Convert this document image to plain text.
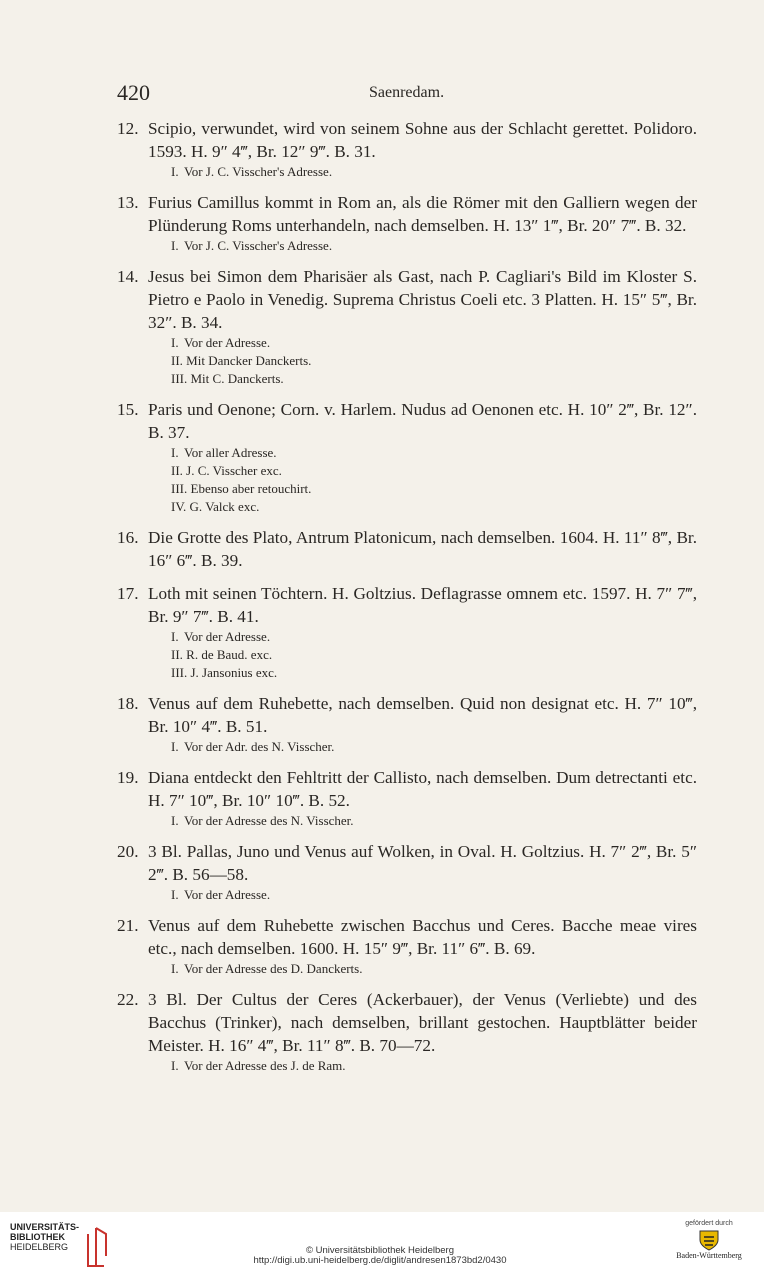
420	Saenredam.
12. Scipio, verwundet, wird von seinem Sohne aus der Schlacht gerettet. Polidoro. 1593. H. 9″ 4‴, Br. 12″ 9‴. B. 31.
I. Vor J. C. Visscher's Adresse.
13. Furius Camillus kommt in Rom an, als die Römer mit den Galliern wegen der Plünderung Roms unterhandeln, nach demselben. H. 13″ 1‴, Br. 20″ 7‴. B. 32.
I. Vor J. C. Visscher's Adresse.
14. Jesus bei Simon dem Pharisäer als Gast, nach P. Cagliari's Bild im Kloster S. Pietro e Paolo in Venedig. Suprema Christus Coeli etc. 3 Platten. H. 15″ 5‴, Br. 32″. B. 34.
I. Vor der Adresse.
II. Mit Dancker Danckerts.
III. Mit C. Danckerts.
15. Paris und Oenone; Corn. v. Harlem. Nudus ad Oenonen etc. H. 10″ 2‴, Br. 12″. B. 37.
I. Vor aller Adresse.
II. J. C. Visscher exc.
III. Ebenso aber retouchirt.
IV. G. Valck exc.
16. Die Grotte des Plato, Antrum Platonicum, nach demselben. 1604. H. 11″ 8‴, Br. 16″ 6‴. B. 39.
17. Loth mit seinen Töchtern. H. Goltzius. Deflagrasse omnem etc. 1597. H. 7″ 7‴, Br. 9″ 7‴. B. 41.
I. Vor der Adresse.
II. R. de Baud. exc.
III. J. Jansonius exc.
18. Venus auf dem Ruhebette, nach demselben. Quid non designat etc. H. 7″ 10‴, Br. 10″ 4‴. B. 51.
I. Vor der Adr. des N. Visscher.
19. Diana entdeckt den Fehltritt der Callisto, nach demselben. Dum detrectanti etc. H. 7″ 10‴, Br. 10″ 10‴. B. 52.
I. Vor der Adresse des N. Visscher.
20. 3 Bl. Pallas, Juno und Venus auf Wolken, in Oval. H. Goltzius. H. 7″ 2‴, Br. 5″ 2‴. B. 56—58.
I. Vor der Adresse.
21. Venus auf dem Ruhebette zwischen Bacchus und Ceres. Bacche meae vires etc., nach demselben. 1600. H. 15″ 9‴, Br. 11″ 6‴. B. 69.
I. Vor der Adresse des D. Danckerts.
22. 3 Bl. Der Cultus der Ceres (Ackerbauer), der Venus (Verliebte) und des Bacchus (Trinker), nach demselben, brillant gestochen. Hauptblätter beider Meister. H. 16″ 4‴, Br. 11″ 8‴. B. 70—72.
I. Vor der Adresse des J. de Ram.
UNIVERSITÄTS-
BIBLIOTHEK
HEIDELBERG	© Universitätsbibliothek Heidelberg
http://digi.ub.uni-heidelberg.de/diglit/andresen1873bd2/0430
gefördert durch
Baden-Württemberg
